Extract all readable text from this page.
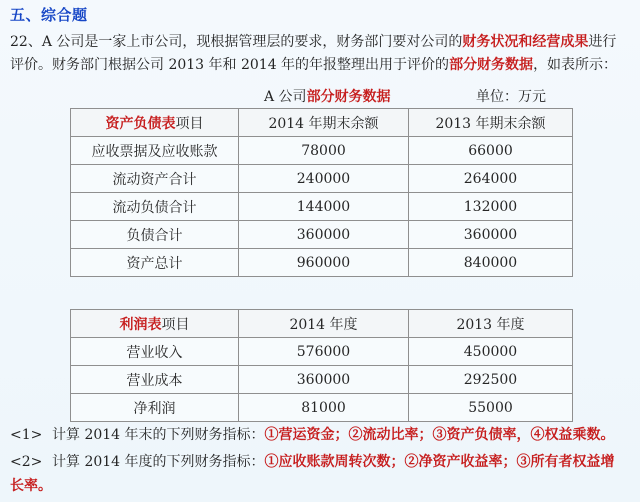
五、综合题
22、A 公司是一家上市公司，现根据管理层的要求，财务部门要对公司的财务状况和经营成果进行
评价。财务部门根据公司 2013 年和 2014 年的年报整理出用于评价的部分财务数据，如表所示：
A 公司部分财务数据	单位：万元
资产负债表项目	2014 年期末余额	2013 年期末余额
应收票据及应收账款	78000	66000
流动资产合计	240000	264000
流动负债合计	144000	132000
负债合计	360000	360000
资产总计	960000	840000
利润表项目	2014 年度	2013 年度
营业收入	576000	450000
营业成本	360000	292500
净利润	81000	55000
<1> 计算 2014 年末的下列财务指标：①营运资金；②流动比率；③资产负债率，④权益乘数。
<2> 计算 2014 年度的下列财务指标：①应收账款周转次数；②净资产收益率；③所有者权益增
长率。
